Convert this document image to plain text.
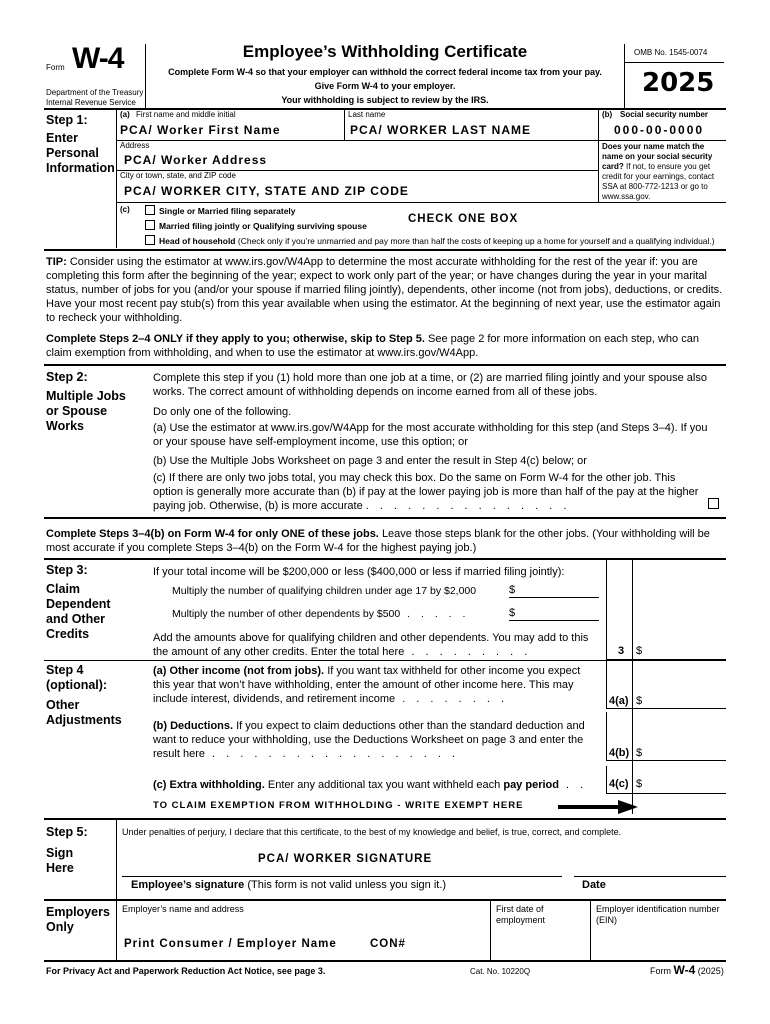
Form W-4
Department of the Treasury
Internal Revenue Service
Employee’s Withholding Certificate
Complete Form W-4 so that your employer can withhold the correct federal income tax from your pay.
Give Form W-4 to your employer.
Your withholding is subject to review by the IRS.
OMB No. 1545-0074
2025
Step 1:
Enter
Personal
Information
(a) First name and middle initial
PCA/ Worker First Name
Last name
PCA/ WORKER LAST NAME
(b) Social security number
000-00-0000
Address
PCA/ Worker Address
City or town, state, and ZIP code
PCA/ WORKER CITY, STATE AND ZIP CODE
Does your name match the name on your social security card? If not, to ensure you get credit for your earnings, contact SSA at 800-772-1213 or go to www.ssa.gov.
(c)	Single or Married filing separately
Married filing jointly or Qualifying surviving spouse
Head of household (Check only if you’re unmarried and pay more than half the costs of keeping up a home for yourself and a qualifying individual.)
CHECK ONE BOX
TIP: Consider using the estimator at www.irs.gov/W4App to determine the most accurate withholding for the rest of the year if: you are completing this form after the beginning of the year; expect to work only part of the year; or have changes during the year in your marital status, number of jobs for you (and/or your spouse if married filing jointly), dependents, other income (not from jobs), deductions, or credits. Have your most recent pay stub(s) from this year available when using the estimator. At the beginning of next year, use the estimator again to recheck your withholding.
Complete Steps 2–4 ONLY if they apply to you; otherwise, skip to Step 5. See page 2 for more information on each step, who can claim exemption from withholding, and when to use the estimator at www.irs.gov/W4App.
Step 2:
Multiple Jobs
or Spouse
Works
Complete this step if you (1) hold more than one job at a time, or (2) are married filing jointly and your spouse also works. The correct amount of withholding depends on income earned from all of these jobs.
Do only one of the following.
(a) Use the estimator at www.irs.gov/W4App for the most accurate withholding for this step (and Steps 3–4). If you or your spouse have self-employment income, use this option; or
(b) Use the Multiple Jobs Worksheet on page 3 and enter the result in Step 4(c) below; or
(c) If there are only two jobs total, you may check this box. Do the same on Form W-4 for the other job. This option is generally more accurate than (b) if pay at the lower paying job is more than half of the pay at the higher paying job. Otherwise, (b) is more accurate . . . . . . . . . . . . . . .
Complete Steps 3–4(b) on Form W-4 for only ONE of these jobs. Leave those steps blank for the other jobs. (Your withholding will be most accurate if you complete Steps 3–4(b) on the Form W-4 for the highest paying job.)
Step 3:
Claim
Dependent
and Other
Credits
If your total income will be $200,000 or less ($400,000 or less if married filing jointly):
Multiply the number of qualifying children under age 17 by $2,000	$
Multiply the number of other dependents by $500 . . . . .	$
Add the amounts above for qualifying children and other dependents. You may add to this the amount of any other credits. Enter the total here . . . . . . . . .	3 $
Step 4
(optional):
Other
Adjustments
(a) Other income (not from jobs). If you want tax withheld for other income you expect this year that won’t have withholding, enter the amount of other income here. This may include interest, dividends, and retirement income . . . . . . . .	4(a) $
(b) Deductions. If you expect to claim deductions other than the standard deduction and want to reduce your withholding, use the Deductions Worksheet on page 3 and enter the result here . . . . . . . . . . . . . . . . . .	4(b) $
(c) Extra withholding. Enter any additional tax you want withheld each pay period . .	4(c) $
TO CLAIM EXEMPTION FROM WITHHOLDING - WRITE EXEMPT HERE
Step 5:
Sign
Here
Under penalties of perjury, I declare that this certificate, to the best of my knowledge and belief, is true, correct, and complete.
PCA/ WORKER SIGNATURE
Employee’s signature (This form is not valid unless you sign it.)	Date
Employers
Only
Employer’s name and address
Print Consumer / Employer Name	CON#
First date of employment
Employer identification number (EIN)
For Privacy Act and Paperwork Reduction Act Notice, see page 3.	Cat. No. 10220Q	Form W-4 (2025)
